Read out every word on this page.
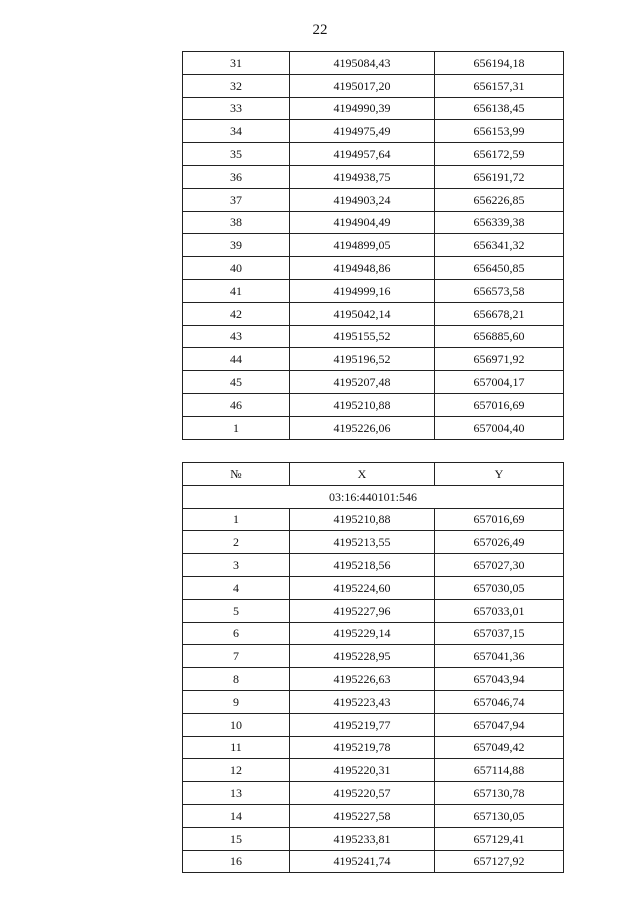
22
31	4195084,43	656194,18
32	4195017,20	656157,31
33	4194990,39	656138,45
34	4194975,49	656153,99
35	4194957,64	656172,59
36	4194938,75	656191,72
37	4194903,24	656226,85
38	4194904,49	656339,38
39	4194899,05	656341,32
40	4194948,86	656450,85
41	4194999,16	656573,58
42	4195042,14	656678,21
43	4195155,52	656885,60
44	4195196,52	656971,92
45	4195207,48	657004,17
46	4195210,88	657016,69
1	4195226,06	657004,40
№	X	Y
03:16:440101:546		
1	4195210,88	657016,69
2	4195213,55	657026,49
3	4195218,56	657027,30
4	4195224,60	657030,05
5	4195227,96	657033,01
6	4195229,14	657037,15
7	4195228,95	657041,36
8	4195226,63	657043,94
9	4195223,43	657046,74
10	4195219,77	657047,94
11	4195219,78	657049,42
12	4195220,31	657114,88
13	4195220,57	657130,78
14	4195227,58	657130,05
15	4195233,81	657129,41
16	4195241,74	657127,92
